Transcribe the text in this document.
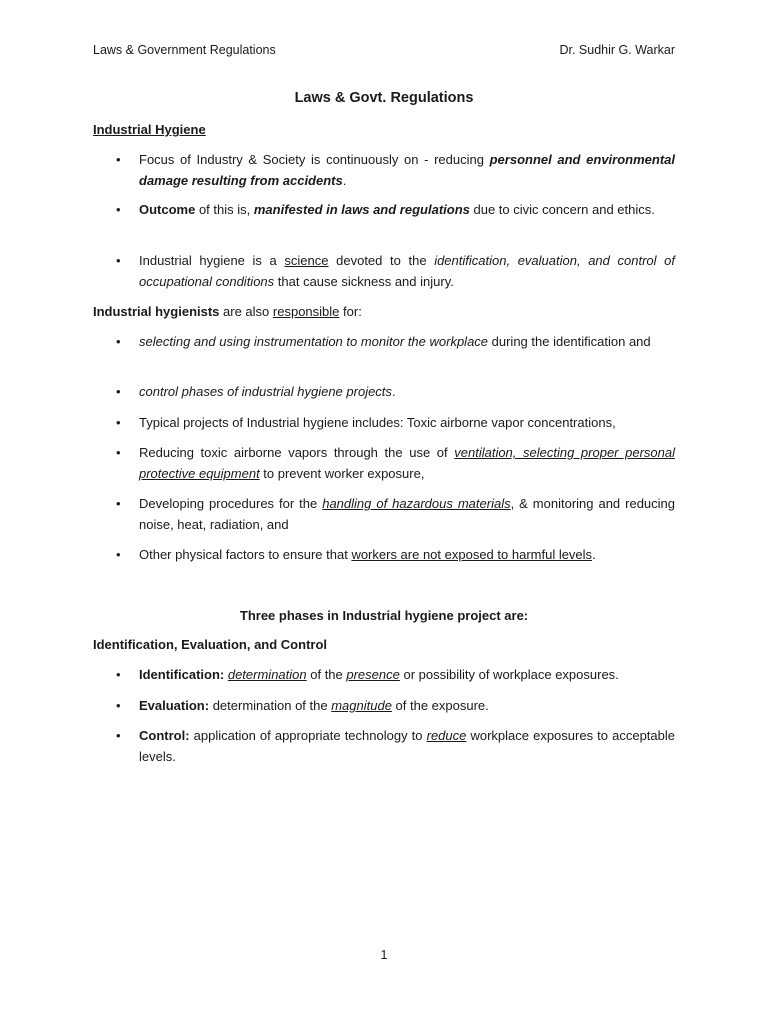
Laws & Government Regulations	Dr. Sudhir G. Warkar
Laws & Govt. Regulations
Industrial Hygiene
• Focus of Industry & Society is continuously on - reducing personnel and environmental damage resulting from accidents.
• Outcome of this is, manifested in laws and regulations due to civic concern and ethics.
• Industrial hygiene is a science devoted to the identification, evaluation, and control of occupational conditions that cause sickness and injury.
Industrial hygienists are also responsible for:
• selecting and using instrumentation to monitor the workplace during the identification and
• control phases of industrial hygiene projects.
• Typical projects of Industrial hygiene includes: Toxic airborne vapor concentrations,
• Reducing toxic airborne vapors through the use of ventilation, selecting proper personal protective equipment to prevent worker exposure,
• Developing procedures for the handling of hazardous materials, & monitoring and reducing noise, heat, radiation, and
• Other physical factors to ensure that workers are not exposed to harmful levels.
Three phases in Industrial hygiene project are:
Identification, Evaluation, and Control
• Identification: determination of the presence or possibility of workplace exposures.
• Evaluation: determination of the magnitude of the exposure.
• Control: application of appropriate technology to reduce workplace exposures to acceptable levels.
1
